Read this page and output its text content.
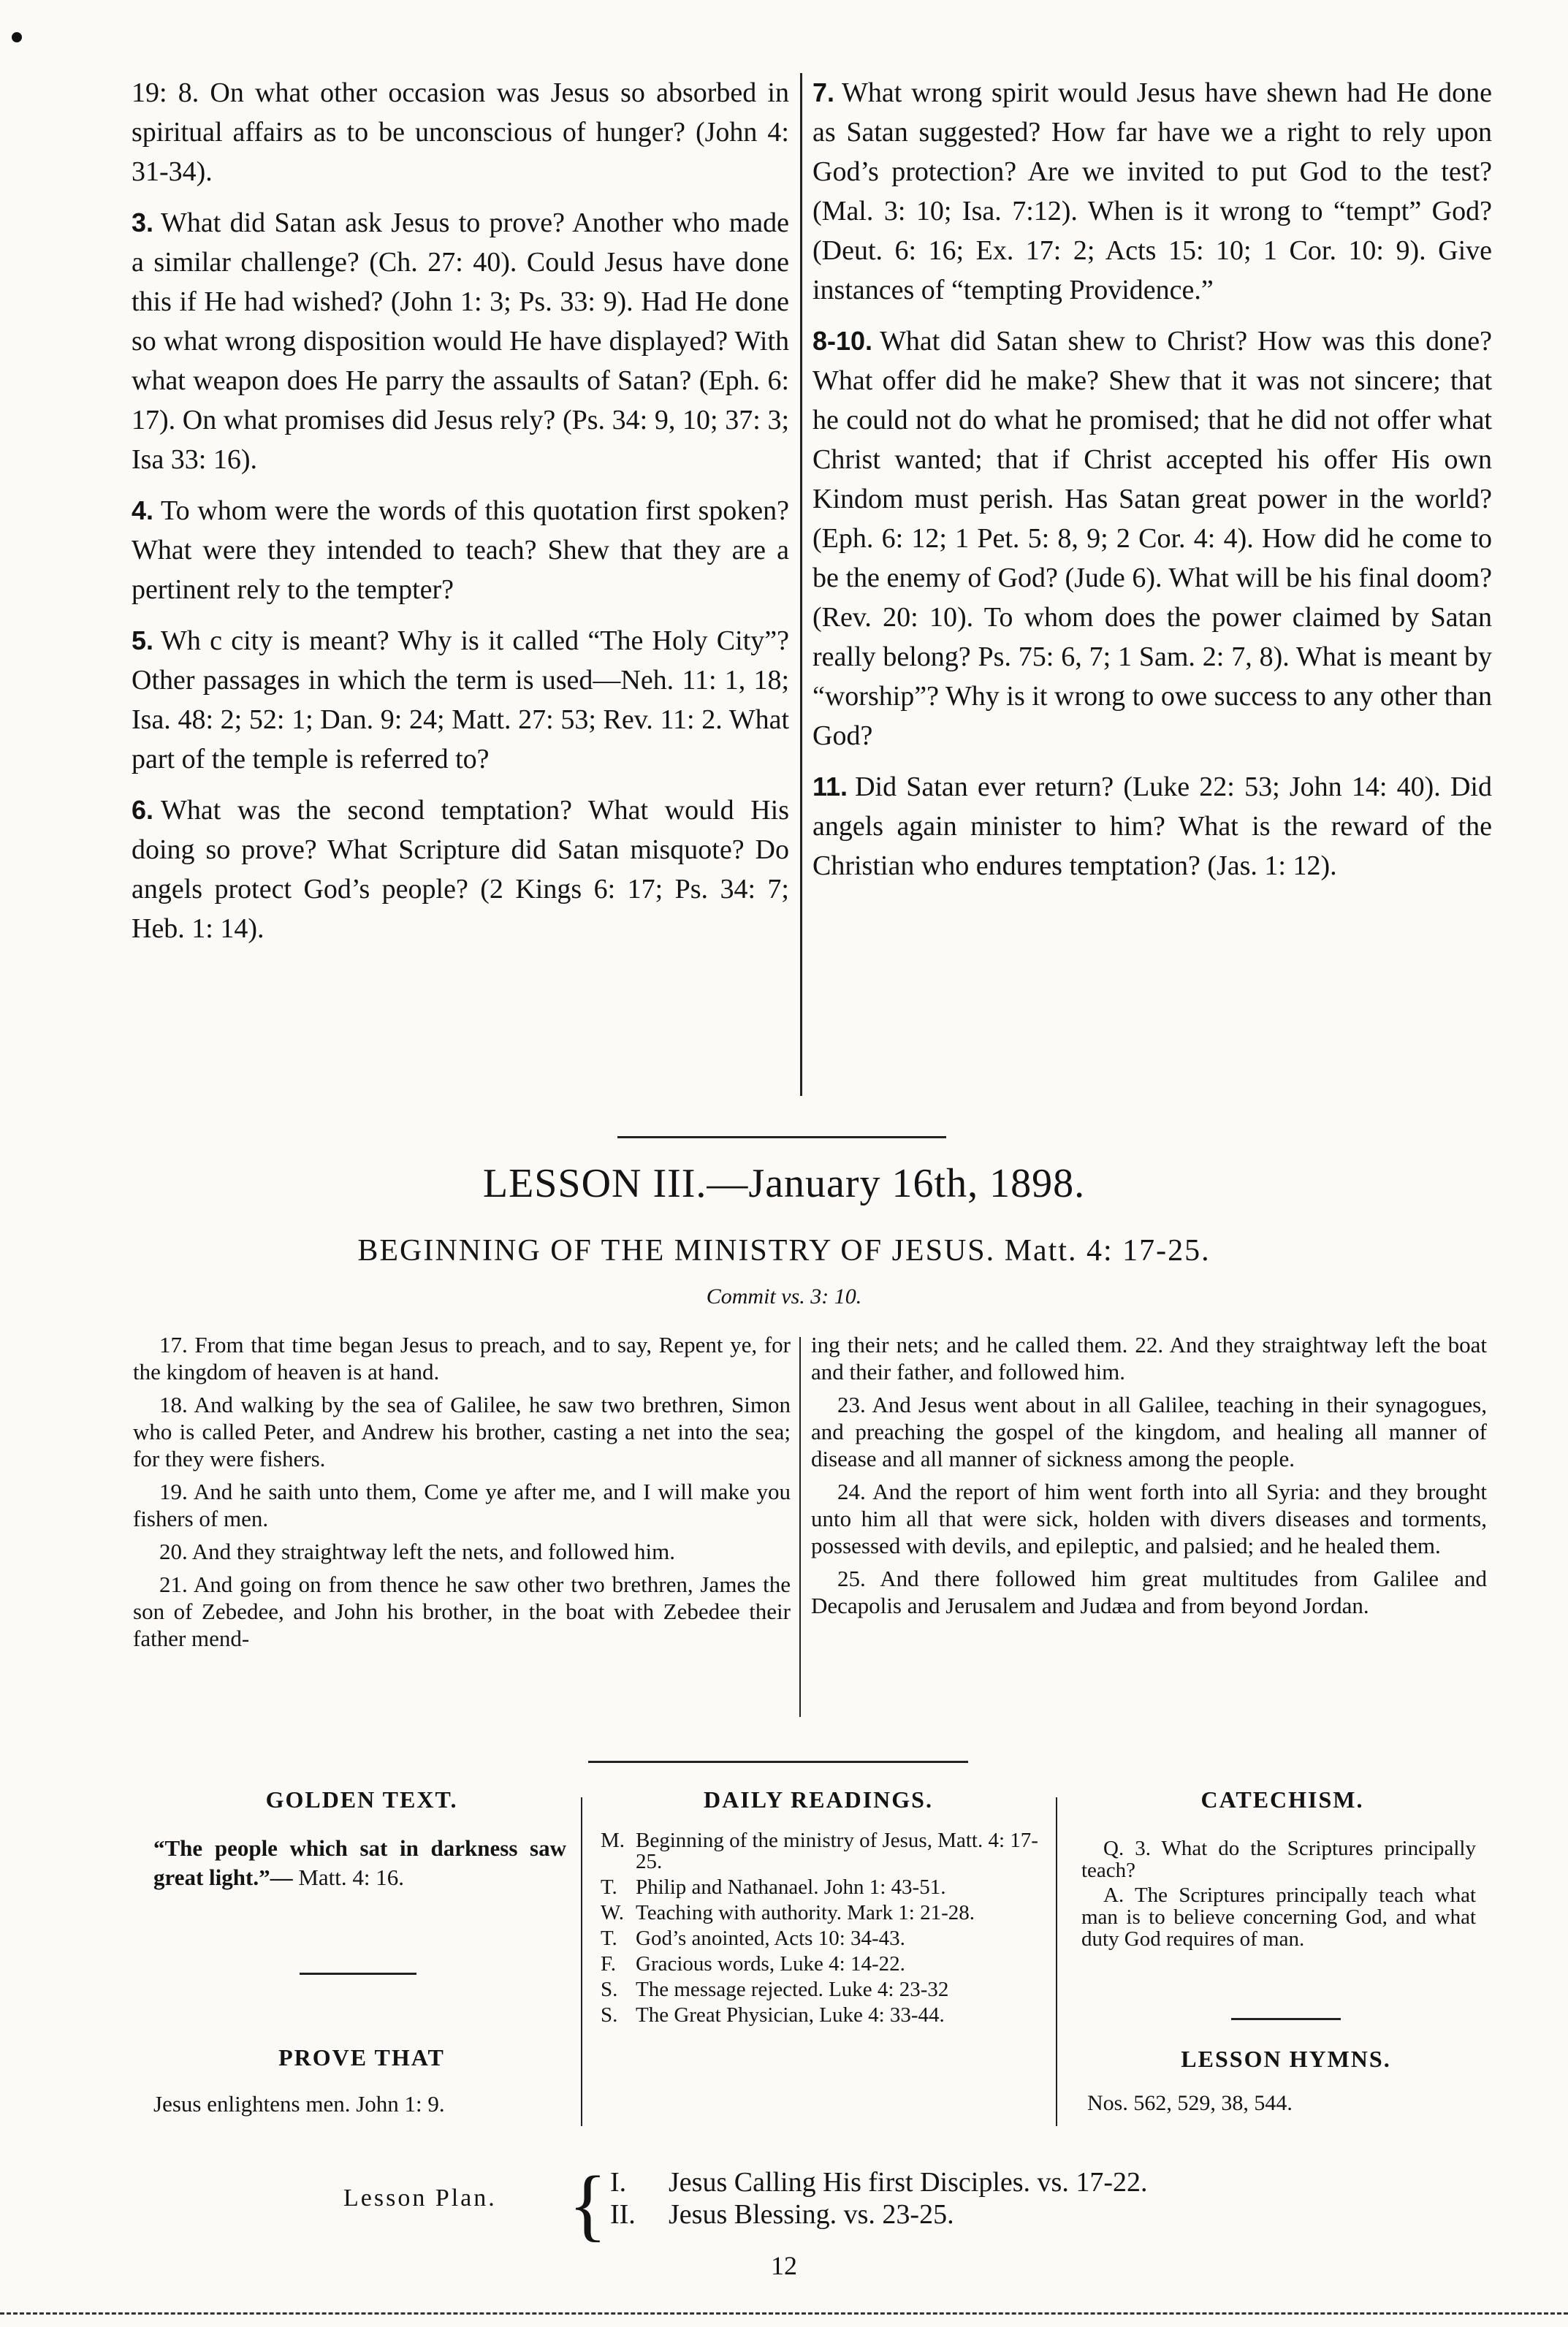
19: 8. On what other occasion was Jesus so absorbed in spiritual affairs as to be unconscious of hunger? (John 4: 31-34).

3. What did Satan ask Jesus to prove? Another who made a similar challenge? (Ch. 27: 40). Could Jesus have done this if He had wished? (John 1: 3; Ps. 33: 9). Had He done so what wrong disposition would He have displayed? With what weapon does He parry the assaults of Satan? (Eph. 6: 17). On what promises did Jesus rely? (Ps. 34: 9, 10; 37: 3; Isa 33: 16).

4. To whom were the words of this quotation first spoken? What were they intended to teach? Shew that they are a pertinent rely to the tempter?

5. Wh c city is meant? Why is it called “The Holy City”? Other passages in which the term is used—Neh. 11: 1, 18; Isa. 48: 2; 52: 1; Dan. 9: 24; Matt. 27: 53; Rev. 11: 2. What part of the temple is referred to?

6. What was the second temptation? What would His doing so prove? What Scripture did Satan misquote? Do angels protect God’s people? (2 Kings 6: 17; Ps. 34: 7; Heb. 1: 14).

7. What wrong spirit would Jesus have shewn had He done as Satan suggested? How far have we a right to rely upon God’s protection? Are we invited to put God to the test? (Mal. 3: 10; Isa. 7:12). When is it wrong to “tempt” God? (Deut. 6: 16; Ex. 17: 2; Acts 15: 10; 1 Cor. 10: 9). Give instances of “tempting Providence.”

8-10. What did Satan shew to Christ? How was this done? What offer did he make? Shew that it was not sincere; that he could not do what he promised; that he did not offer what Christ wanted; that if Christ accepted his offer His own Kindom must perish. Has Satan great power in the world? (Eph. 6: 12; 1 Pet. 5: 8, 9; 2 Cor. 4: 4). How did he come to be the enemy of God? (Jude 6). What will be his final doom? (Rev. 20: 10). To whom does the power claimed by Satan really belong? Ps. 75: 6, 7; 1 Sam. 2: 7, 8). What is meant by “worship”? Why is it wrong to owe success to any other than God?

11. Did Satan ever return? (Luke 22: 53; John 14: 40). Did angels again minister to him? What is the reward of the Christian who endures temptation? (Jas. 1: 12).

LESSON III.—January 16th, 1898.
BEGINNING OF THE MINISTRY OF JESUS. Matt. 4: 17-25.
Commit vs. 3: 10.

17. From that time began Jesus to preach, and to say, Repent ye, for the kingdom of heaven is at hand.

18. And walking by the sea of Galilee, he saw two brethren, Simon who is called Peter, and Andrew his brother, casting a net into the sea; for they were fishers.

19. And he saith unto them, Come ye after me, and I will make you fishers of men.

20. And they straightway left the nets, and followed him.

21. And going on from thence he saw other two brethren, James the son of Zebedee, and John his brother, in the boat with Zebedee their father mend-

ing their nets; and he called them. 22. And they straightway left the boat and their father, and followed him.

23. And Jesus went about in all Galilee, teaching in their synagogues, and preaching the gospel of the kingdom, and healing all manner of disease and all manner of sickness among the people.

24. And the report of him went forth into all Syria: and they brought unto him all that were sick, holden with divers diseases and torments, possessed with devils, and epileptic, and palsied; and he healed them.

25. And there followed him great multitudes from Galilee and Decapolis and Jerusalem and Judæa and from beyond Jordan.

GOLDEN TEXT.
“The people which sat in darkness saw great light.”— Matt. 4: 16.
PROVE THAT
Jesus enlightens men. John 1: 9.
DAILY READINGS.
M. Beginning of the ministry of Jesus, Matt. 4: 17-25.
T. Philip and Nathanael. John 1: 43-51.
W. Teaching with authority. Mark 1: 21-28.
T. God’s anointed, Acts 10: 34-43.
F. Gracious words, Luke 4: 14-22.
S. The message rejected. Luke 4: 23-32
S. The Great Physician, Luke 4: 33-44.
CATECHISM.

Q. 3. What do the Scriptures principally teach?

A. The Scriptures principally teach what man is to believe concerning God, and what duty God requires of man.

LESSON HYMNS.
Nos. 562, 529, 38, 544.
Lesson Plan. { I. Jesus Calling His first Disciples. vs. 17-22.
II. Jesus Blessing. vs. 23-25.
12
